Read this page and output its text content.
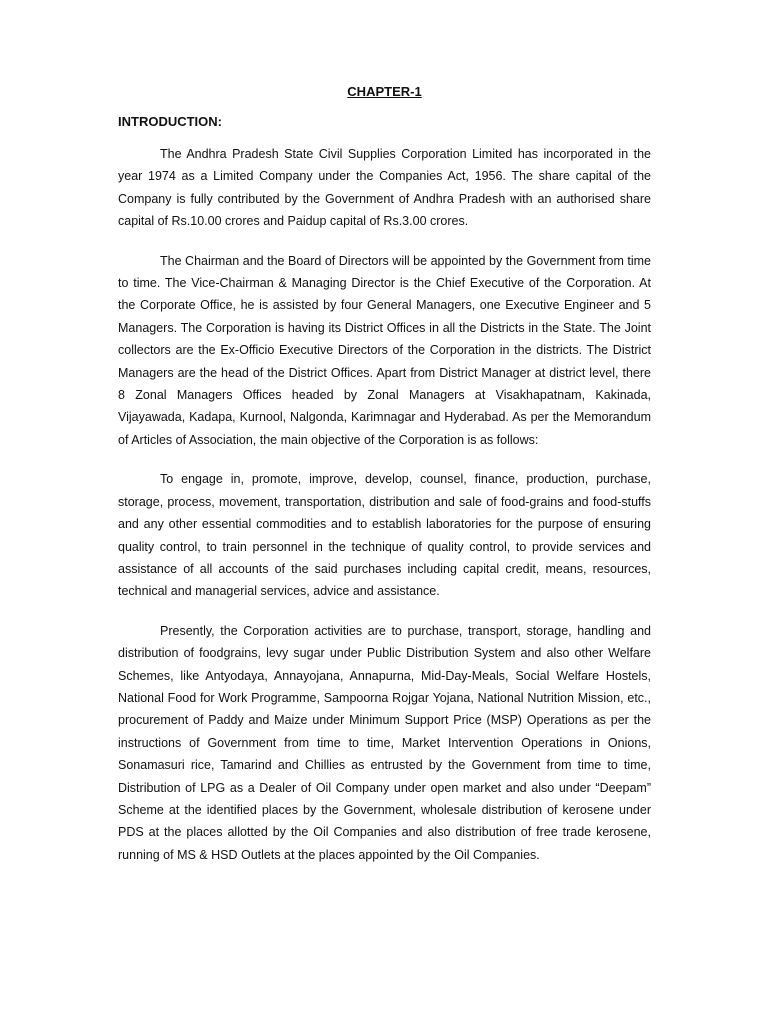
CHAPTER-1
INTRODUCTION:

The Andhra Pradesh State Civil Supplies Corporation Limited has incorporated in the year 1974 as a Limited Company under the Companies Act, 1956. The share capital of the Company is fully contributed by the Government of Andhra Pradesh with an authorised share capital of Rs.10.00 crores and Paidup capital of Rs.3.00 crores.

The Chairman and the Board of Directors will be appointed by the Government from time to time. The Vice-Chairman & Managing Director is the Chief Executive of the Corporation. At the Corporate Office, he is assisted by four General Managers, one Executive Engineer and 5 Managers. The Corporation is having its District Offices in all the Districts in the State. The Joint collectors are the Ex-Officio Executive Directors of the Corporation in the districts. The District Managers are the head of the District Offices. Apart from District Manager at district level, there 8 Zonal Managers Offices headed by Zonal Managers at Visakhapatnam, Kakinada, Vijayawada, Kadapa, Kurnool, Nalgonda, Karimnagar and Hyderabad. As per the Memorandum of Articles of Association, the main objective of the Corporation is as follows:

To engage in, promote, improve, develop, counsel, finance, production, purchase, storage, process, movement, transportation, distribution and sale of food-grains and food-stuffs and any other essential commodities and to establish laboratories for the purpose of ensuring quality control, to train personnel in the technique of quality control, to provide services and assistance of all accounts of the said purchases including capital credit, means, resources, technical and managerial services, advice and assistance.

Presently, the Corporation activities are to purchase, transport, storage, handling and distribution of foodgrains, levy sugar under Public Distribution System and also other Welfare Schemes, like Antyodaya, Annayojana, Annapurna, Mid-Day-Meals, Social Welfare Hostels, National Food for Work Programme, Sampoorna Rojgar Yojana, National Nutrition Mission, etc., procurement of Paddy and Maize under Minimum Support Price (MSP) Operations as per the instructions of Government from time to time, Market Intervention Operations in Onions, Sonamasuri rice, Tamarind and Chillies as entrusted by the Government from time to time, Distribution of LPG as a Dealer of Oil Company under open market and also under “Deepam” Scheme at the identified places by the Government, wholesale distribution of kerosene under PDS at the places allotted by the Oil Companies and also distribution of free trade kerosene, running of MS & HSD Outlets at the places appointed by the Oil Companies.
